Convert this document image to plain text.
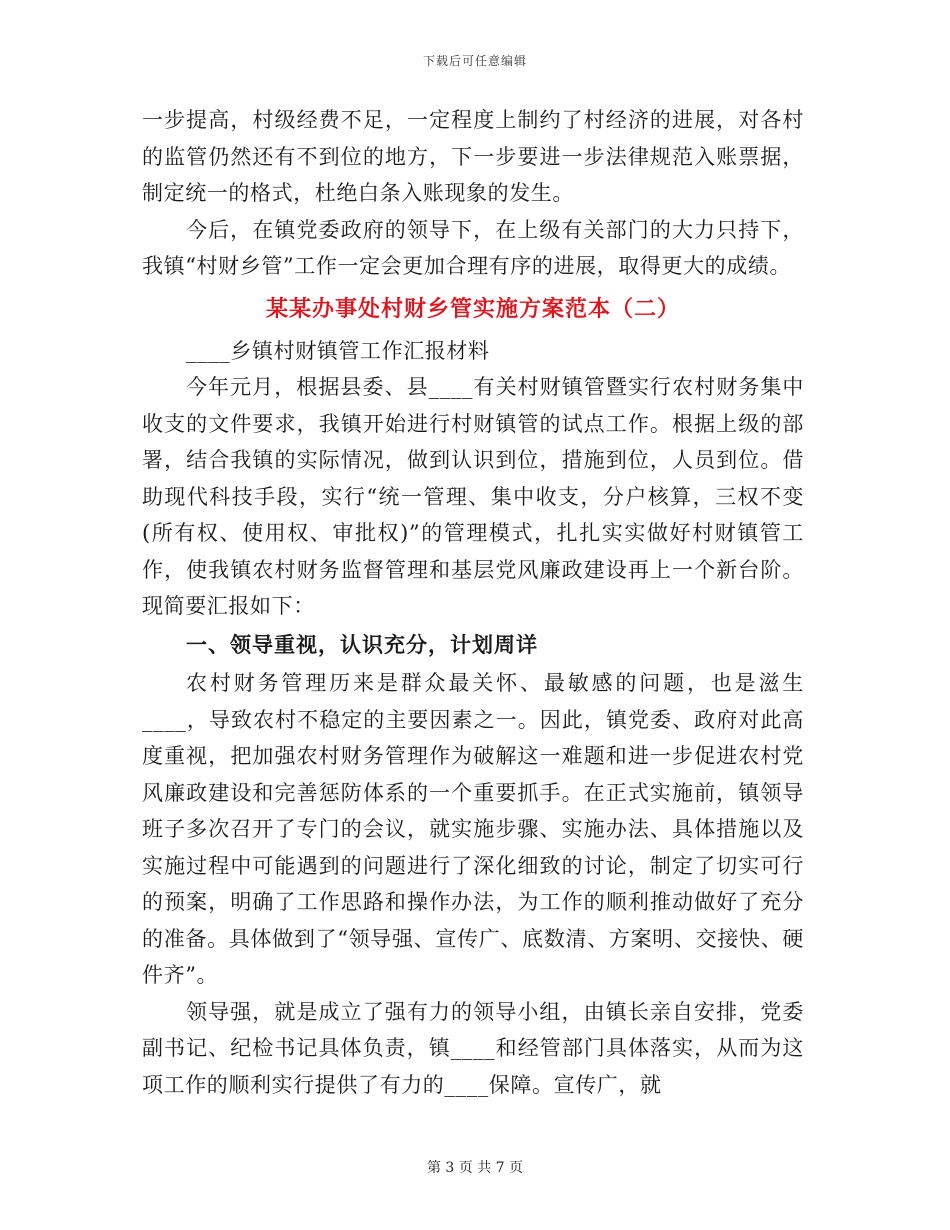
下载后可任意编辑

一步提高，村级经费不足，一定程度上制约了村经济的进展，对各村的监管仍然还有不到位的地方，下一步要进一步法律规范入账票据，制定统一的格式，杜绝白条入账现象的发生。

今后，在镇党委政府的领导下，在上级有关部门的大力只持下，我镇“村财乡管”工作一定会更加合理有序的进展，取得更大的成绩。

某某办事处村财乡管实施方案范本（二）

____乡镇村财镇管工作汇报材料

今年元月，根据县委、县____有关村财镇管暨实行农村财务集中收支的文件要求，我镇开始进行村财镇管的试点工作。根据上级的部署，结合我镇的实际情况，做到认识到位，措施到位，人员到位。借助现代科技手段，实行“统一管理、集中收支，分户核算，三权不变(所有权、使用权、审批权)”的管理模式，扎扎实实做好村财镇管工作，使我镇农村财务监督管理和基层党风廉政建设再上一个新台阶。现简要汇报如下：

一、领导重视，认识充分，计划周详

农村财务管理历来是群众最关怀、最敏感的问题，也是滋生____，导致农村不稳定的主要因素之一。因此，镇党委、政府对此高度重视，把加强农村财务管理作为破解这一难题和进一步促进农村党风廉政建设和完善惩防体系的一个重要抓手。在正式实施前，镇领导班子多次召开了专门的会议，就实施步骤、实施办法、具体措施以及实施过程中可能遇到的问题进行了深化细致的讨论，制定了切实可行的预案，明确了工作思路和操作办法，为工作的顺利推动做好了充分的准备。具体做到了“领导强、宣传广、底数清、方案明、交接快、硬件齐”。

领导强，就是成立了强有力的领导小组，由镇长亲自安排，党委副书记、纪检书记具体负责，镇____和经管部门具体落实，从而为这项工作的顺利实行提供了有力的____保障。宣传广，就

第 3 页 共 7 页
